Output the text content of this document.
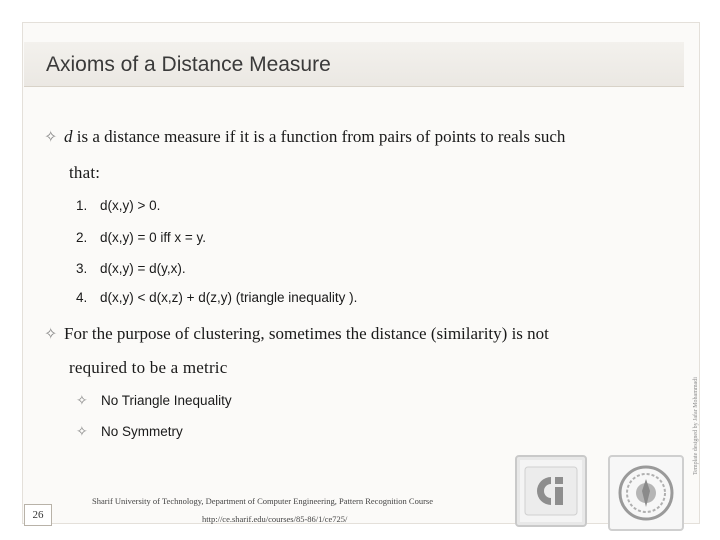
Axioms of a Distance Measure
✧ d is a distance measure if it is a function from pairs of points to reals such
that:
1. d(x,y) > 0.
2. d(x,y) = 0 iff x = y.
3. d(x,y) = d(y,x).
4. d(x,y) < d(x,z) + d(z,y) (triangle inequality ).
✧ For the purpose of clustering, sometimes the distance (similarity) is not
required to be a metric
✧ No Triangle Inequality
✧ No Symmetry	Template designed by Jafar Mohammadi
Sharif University of Technology, Department of Computer Engineering, Pattern Recognition Course
http://ce.sharif.edu/courses/85-86/1/ce725/
26
